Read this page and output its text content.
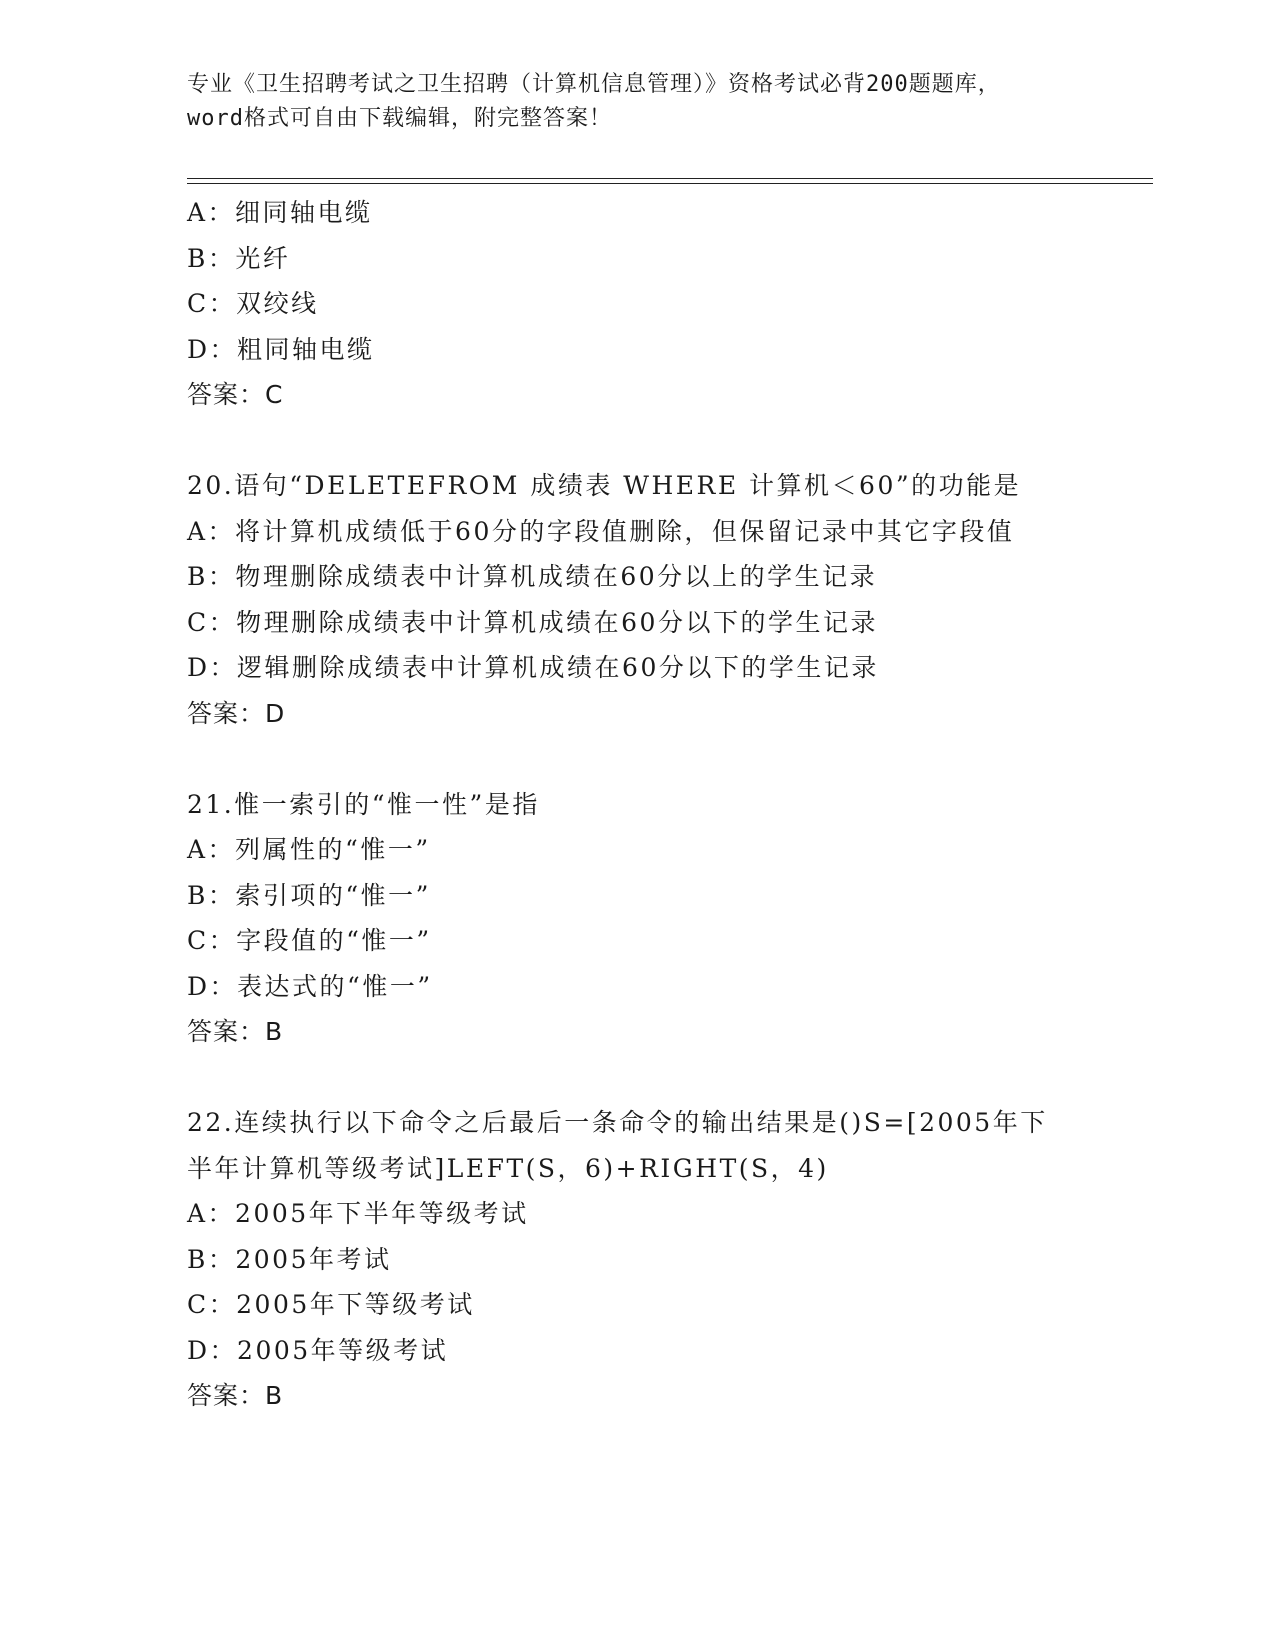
专业《卫生招聘考试之卫生招聘（计算机信息管理）》资格考试必背200题题库，
word格式可自由下载编辑，附完整答案！
A：细同轴电缆
B：光纤
C：双绞线
D：粗同轴电缆
答案：C
20.语句“DELETEFROM 成绩表 WHERE 计算机＜60”的功能是
A：将计算机成绩低于60分的字段值删除，但保留记录中其它字段值
B：物理删除成绩表中计算机成绩在60分以上的学生记录
C：物理删除成绩表中计算机成绩在60分以下的学生记录
D：逻辑删除成绩表中计算机成绩在60分以下的学生记录
答案：D
21.惟一索引的“惟一性”是指
A：列属性的“惟一”
B：索引项的“惟一”
C：字段值的“惟一”
D：表达式的“惟一”
答案：B
22.连续执行以下命令之后最后一条命令的输出结果是()S=[2005年下
半年计算机等级考试]LEFT(S，6)+RIGHT(S，4)
A：2005年下半年等级考试
B：2005年考试
C：2005年下等级考试
D：2005年等级考试
答案：B
